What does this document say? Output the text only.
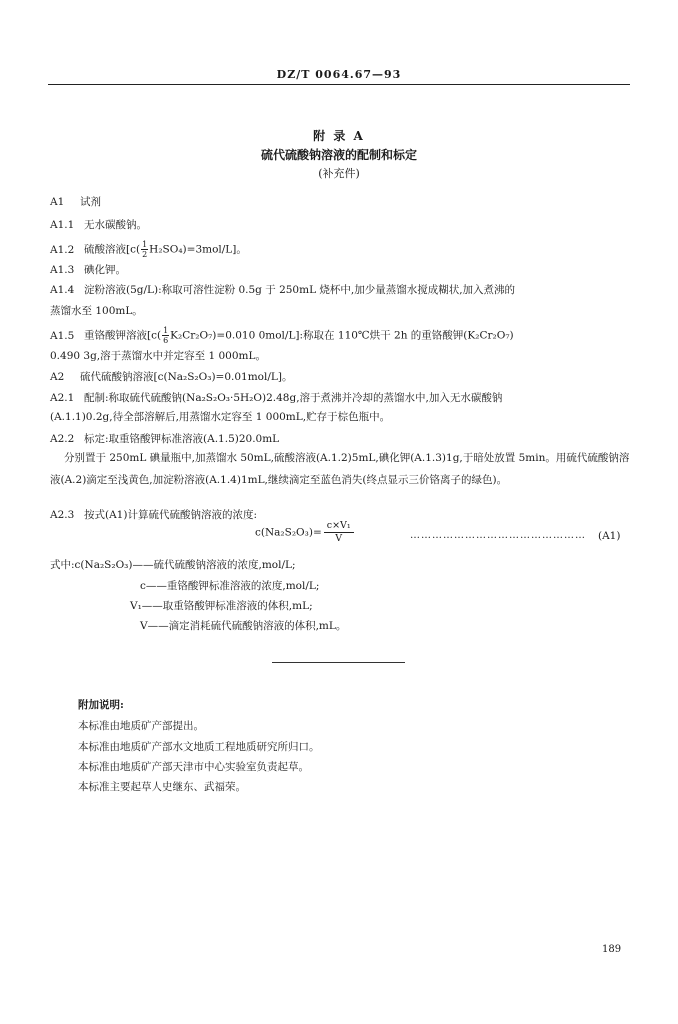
DZ/T 0064.67—93
附 录 A
硫代硫酸钠溶液的配制和标定
(补充件)
A1 试剂
A1.1 无水碳酸钠。
A1.2 硫酸溶液$[c( \frac{1}{2} H_2SO_4)=3mol/L]$。
A1.3 碘化钾。
A1.4 淀粉溶液(5g/L):称取可溶性淀粉 0.5g 于 250mL 烧杯中,加少量蒸馏水搅成糊状,加入煮沸的
蒸馏水至 100mL。
A1.5 重铬酸钾溶液[$c( \frac{1}{6} K_2Cr_2O_7)=0.010$ 0mol/L]:称取在 110℃烘干 2h 的重铬酸钾(K₂Cr₂O₇)
0.490 3g,溶于蒸馏水中并定容至 1 000mL。
A2 硫代硫酸钠溶液[c(Na₂S₂O₃)=0.01mol/L]。
A2.1 配制:称取硫代硫酸钠(Na₂S₂O₃·5H₂O)2.48g,溶于煮沸并冷却的蒸馏水中,加入无水碳酸钠
(A.1.1)0.2g,待全部溶解后,用蒸馏水定容至 1 000mL,贮存于棕色瓶中。
A2.2 标定:取重铬酸钾标准溶液(A.1.5)20.0mL
分别置于 250mL 碘量瓶中,加蒸馏水 50mL,硫酸溶液(A.1.2)5mL,碘化钾(A.1.3)1g,于暗处放置 5min。用硫代硫酸钠溶液(A.2)滴定至浅黄色,加淀粉溶液(A.1.4)1mL,继续滴定至蓝色消失(终点显示三价铬离子的绿色)。
A2.3 按式(A1)计算硫代硫酸钠溶液的浓度:
$c(Na_2S_2O_3)= \frac{\text{c×V₁}}{V}$	………………………………………… (A1)
式中:c(Na₂S₂O₃)——硫代硫酸钠溶液的浓度,mol/L;
c——重铬酸钾标准溶液的浓度,mol/L;
V₁——取重铬酸钾标准溶液的体积,mL;
V——滴定消耗硫代硫酸钠溶液的体积,mL。
附加说明:
本标准由地质矿产部提出。
本标准由地质矿产部水文地质工程地质研究所归口。
本标准由地质矿产部天津市中心实验室负责起草。
本标准主要起草人史继东、武福荣。
189
